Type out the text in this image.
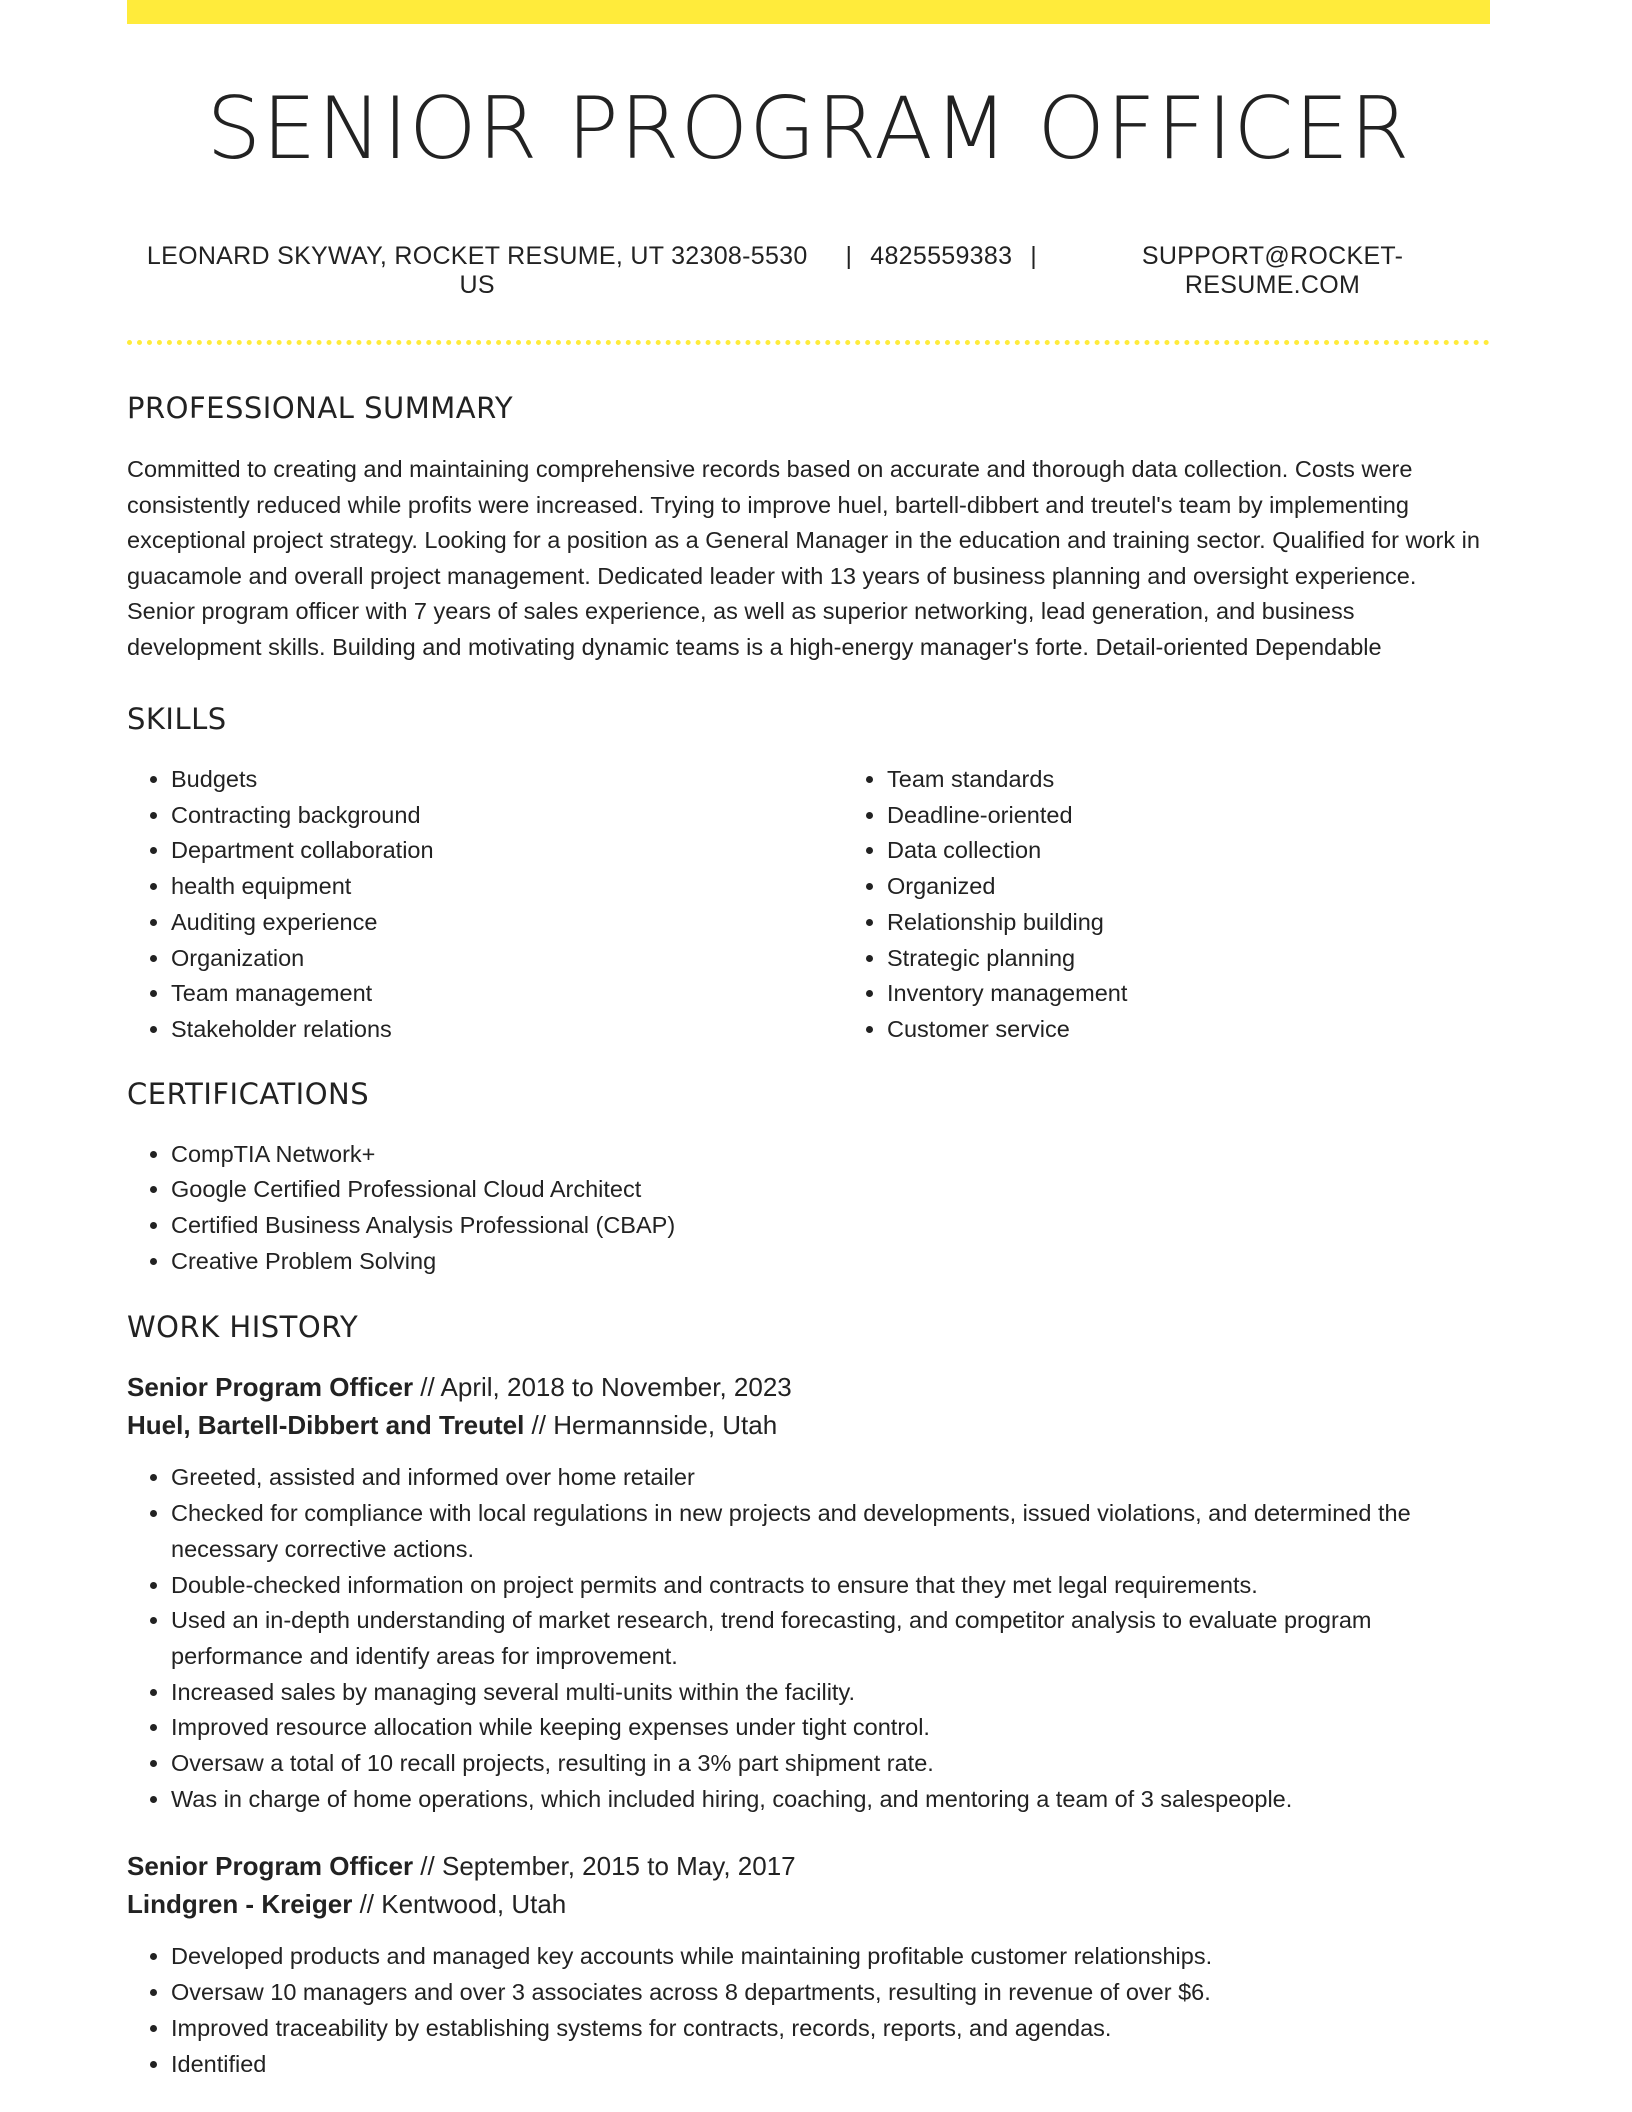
SENIOR PROGRAM OFFICER
LEONARD SKYWAY, ROCKET RESUME, UT 32308-5530 US
| 4825559383 |	SUPPORT@ROCKET-RESUME.COM
PROFESSIONAL SUMMARY

Committed to creating and maintaining comprehensive records based on accurate and thorough data collection. Costs were consistently reduced while profits were increased. Trying to improve huel, bartell-dibbert and treutel's team by implementing exceptional project strategy. Looking for a position as a General Manager in the education and training sector. Qualified for work in guacamole and overall project management. Dedicated leader with 13 years of business planning and oversight experience. Senior program officer with 7 years of sales experience, as well as superior networking, lead generation, and business development skills. Building and motivating dynamic teams is a high-energy manager's forte. Detail-oriented Dependable

SKILLS
• Budgets
• Contracting background
• Department collaboration
• health equipment
• Auditing experience
• Organization
• Team management
• Stakeholder relations
• Team standards
• Deadline-oriented
• Data collection
• Organized
• Relationship building
• Strategic planning
• Inventory management
• Customer service
CERTIFICATIONS
• CompTIA Network+
• Google Certified Professional Cloud Architect
• Certified Business Analysis Professional (CBAP)
• Creative Problem Solving
WORK HISTORY
Senior Program Officer // April, 2018 to November, 2023
Huel, Bartell-Dibbert and Treutel // Hermannside, Utah
• Greeted, assisted and informed over home retailer
• Checked for compliance with local regulations in new projects and developments, issued violations, and determined the necessary corrective actions.
• Double-checked information on project permits and contracts to ensure that they met legal requirements.
• Used an in-depth understanding of market research, trend forecasting, and competitor analysis to evaluate program performance and identify areas for improvement.
• Increased sales by managing several multi-units within the facility.
• Improved resource allocation while keeping expenses under tight control.
• Oversaw a total of 10 recall projects, resulting in a 3% part shipment rate.
• Was in charge of home operations, which included hiring, coaching, and mentoring a team of 3 salespeople.
Senior Program Officer // September, 2015 to May, 2017
Lindgren - Kreiger // Kentwood, Utah
• Developed products and managed key accounts while maintaining profitable customer relationships.
• Oversaw 10 managers and over 3 associates across 8 departments, resulting in revenue of over $6.
• Improved traceability by establishing systems for contracts, records, reports, and agendas.
• Identified
